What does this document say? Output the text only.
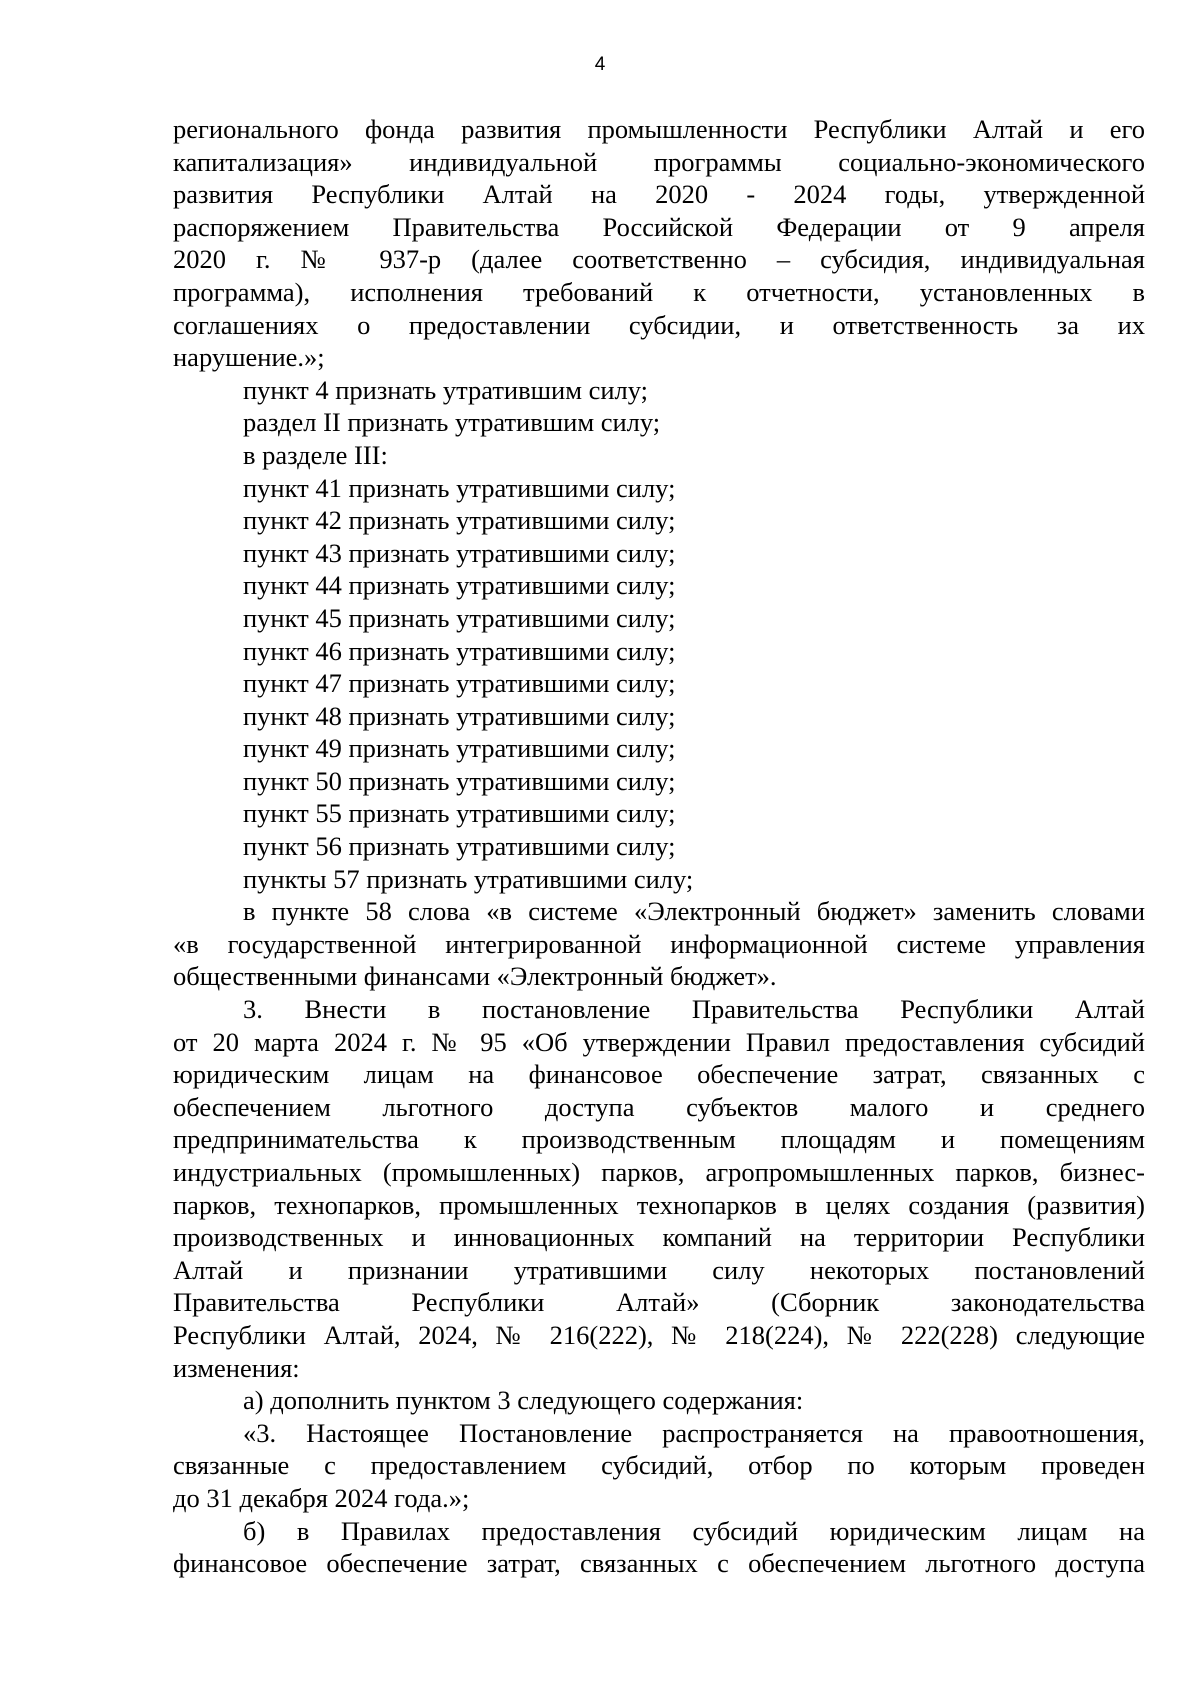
4
регионального фонда развития промышленности Республики Алтай и его
капитализация» индивидуальной программы социально-экономического
развития Республики Алтай на 2020 - 2024 годы, утвержденной
распоряжением Правительства Российской Федерации от 9 апреля
2020 г. № 937-р (далее соответственно – субсидия, индивидуальная
программа), исполнения требований к отчетности, установленных в
соглашениях о предоставлении субсидии, и ответственность за их
нарушение.»;
пункт 4 признать утратившим силу;
раздел II признать утратившим силу;
в разделе III:
пункт 41 признать утратившими силу;
пункт 42 признать утратившими силу;
пункт 43 признать утратившими силу;
пункт 44 признать утратившими силу;
пункт 45 признать утратившими силу;
пункт 46 признать утратившими силу;
пункт 47 признать утратившими силу;
пункт 48 признать утратившими силу;
пункт 49 признать утратившими силу;
пункт 50 признать утратившими силу;
пункт 55 признать утратившими силу;
пункт 56 признать утратившими силу;
пункты 57 признать утратившими силу;
в пункте 58 слова «в системе «Электронный бюджет» заменить словами
«в государственной интегрированной информационной системе управления
общественными финансами «Электронный бюджет».
3. Внести в постановление Правительства Республики Алтай
от 20 марта 2024 г. № 95 «Об утверждении Правил предоставления субсидий
юридическим лицам на финансовое обеспечение затрат, связанных с
обеспечением льготного доступа субъектов малого и среднего
предпринимательства к производственным площадям и помещениям
индустриальных (промышленных) парков, агропромышленных парков, бизнес-
парков, технопарков, промышленных технопарков в целях создания (развития)
производственных и инновационных компаний на территории Республики
Алтай и признании утратившими силу некоторых постановлений
Правительства Республики Алтай» (Сборник законодательства
Республики Алтай, 2024, № 216(222), № 218(224), № 222(228) следующие
изменения:
а) дополнить пунктом 3 следующего содержания:
«3. Настоящее Постановление распространяется на правоотношения,
связанные с предоставлением субсидий, отбор по которым проведен
до 31 декабря 2024 года.»;
б) в Правилах предоставления субсидий юридическим лицам на
финансовое обеспечение затрат, связанных с обеспечением льготного доступа
